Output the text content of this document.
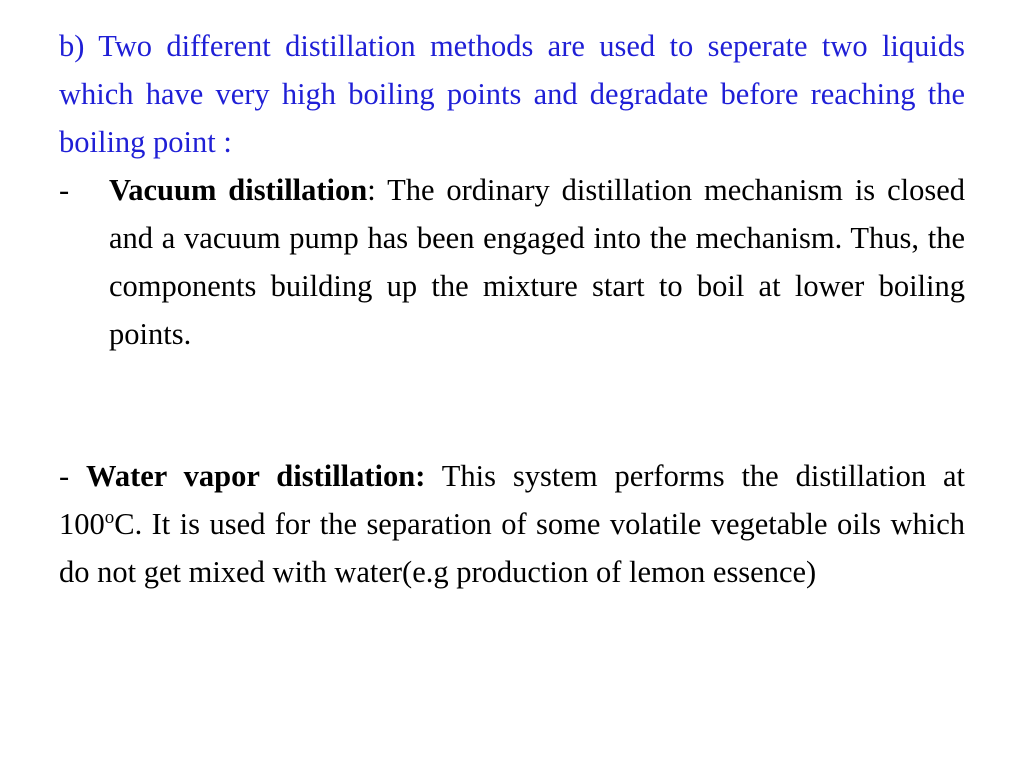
b) Two different distillation methods are used to seperate two liquids which have very high boiling points and degradate before reaching the boiling point :
- Vacuum distillation: The ordinary distillation mechanism is closed and a vacuum pump has been engaged into the mechanism. Thus, the components building up the mixture start to boil at lower boiling points.
- Water vapor distillation: This system performs the distillation at 100$^o$C. It is used for the separation of some volatile vegetable oils which do not get mixed with water(e.g production of lemon essence)
